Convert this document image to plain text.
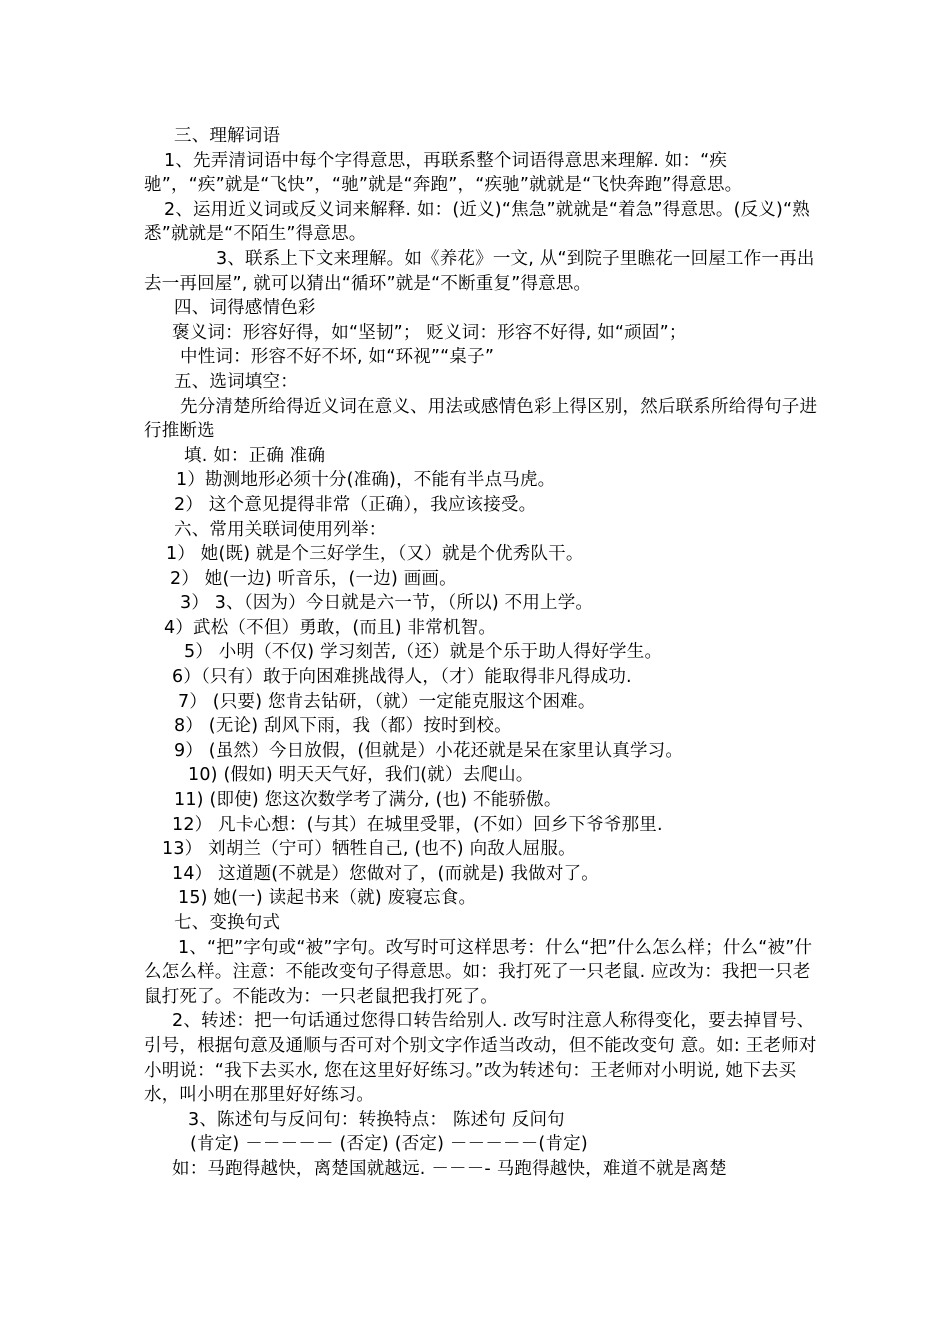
三、理解词语

1、先弄清词语中每个字得意思，再联系整个词语得意思来理解. 如：“疾驰”，“疾”就是“飞快”，“驰”就是“奔跑”，“疾驰”就就是“飞快奔跑”得意思。

2、运用近义词或反义词来解释. 如：(近义)“焦急”就就是“着急”得意思。(反义)“熟悉”就就是“不陌生”得意思。

3、联系上下文来理解。如《养花》一文, 从“到院子里瞧花一回屋工作一再出去一再回屋”, 就可以猜出“循环”就是“不断重复”得意思。

四、词得感情色彩

褒义词：形容好得，如“坚韧”； 贬义词：形容不好得, 如“顽固”；

中性词：形容不好不坏, 如“环视”“桌子”

五、选词填空：

先分清楚所给得近义词在意义、用法或感情色彩上得区别，然后联系所给得句子进行推断选

填. 如：正确 准确

1）勘测地形必须十分(准确)，不能有半点马虎。

2） 这个意见提得非常（正确），我应该接受。

六、常用关联词使用列举：

1） 她(既) 就是个三好学生，（又）就是个优秀队干。

2） 她(一边) 听音乐，(一边) 画画。

3） 3、（因为）今日就是六一节，（所以) 不用上学。

4）武松（不但）勇敢，(而且) 非常机智。

5） 小明（不仅) 学习刻苦,（还）就是个乐于助人得好学生。

6）（只有）敢于向困难挑战得人，（才）能取得非凡得成功.

7） (只要) 您肯去钻研，（就）一定能克服这个困难。

8） (无论) 刮风下雨，我（都）按时到校。

9） (虽然）今日放假，(但就是）小花还就是呆在家里认真学习。

10) (假如) 明天天气好，我们(就）去爬山。

11) (即使) 您这次数学考了满分, (也) 不能骄傲。

12） 凡卡心想：(与其）在城里受罪，(不如）回乡下爷爷那里.

13） 刘胡兰（宁可）牺牲自己, (也不) 向敌人屈服。

14） 这道题(不就是）您做对了，(而就是) 我做对了。

15) 她(一) 读起书来（就) 废寝忘食。

七、变换句式

1、“把”字句或“被”字句。改写时可这样思考：什么“把”什么怎么样；什么“被”什么怎么样。注意：不能改变句子得意思。如：我打死了一只老鼠. 应改为：我把一只老鼠打死了。不能改为：一只老鼠把我打死了。

2、转述：把一句话通过您得口转告给别人. 改写时注意人称得变化，要去掉冒号、引号，根据句意及通顺与否可对个别文字作适当改动，但不能改变句 意。如: 王老师对小明说：“我下去买水, 您在这里好好练习。”改为转述句：王老师对小明说, 她下去买水，叫小明在那里好好练习。

3、陈述句与反问句：转换特点： 陈述句 反问句

(肯定) －－－－－ (否定) (否定) －－－－－(肯定)

如：马跑得越快，离楚国就越远. －－－- 马跑得越快，难道不就是离楚
